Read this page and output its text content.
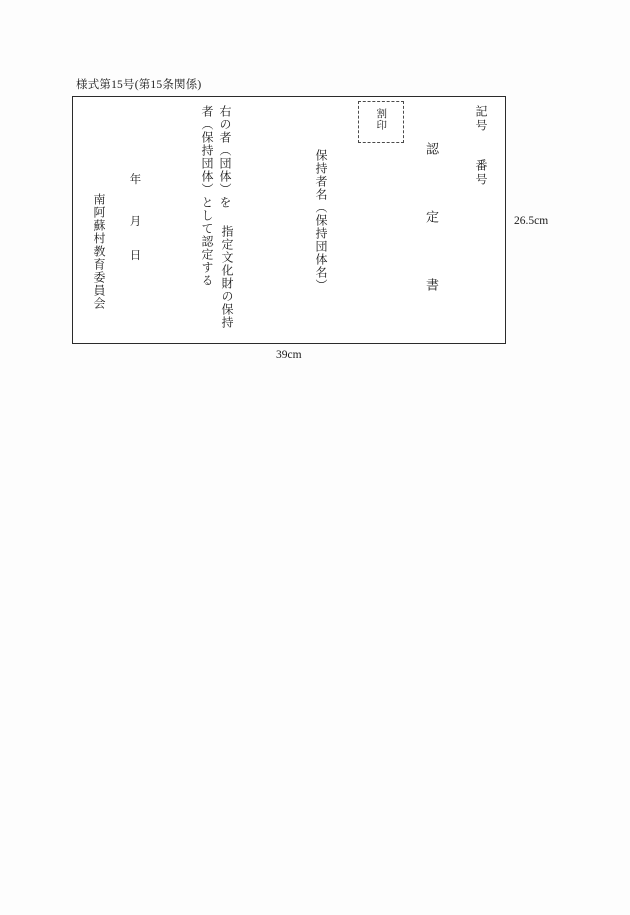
様式第15号(第15条関係)
記号
番号
認
定
書
割印
保持者名（保持団体名）
右の者（団体）を
者（保持団体）として認定する 指定文化財の保持
年
月
日
南阿蘇村教育委員会	26.5cm
39cm
